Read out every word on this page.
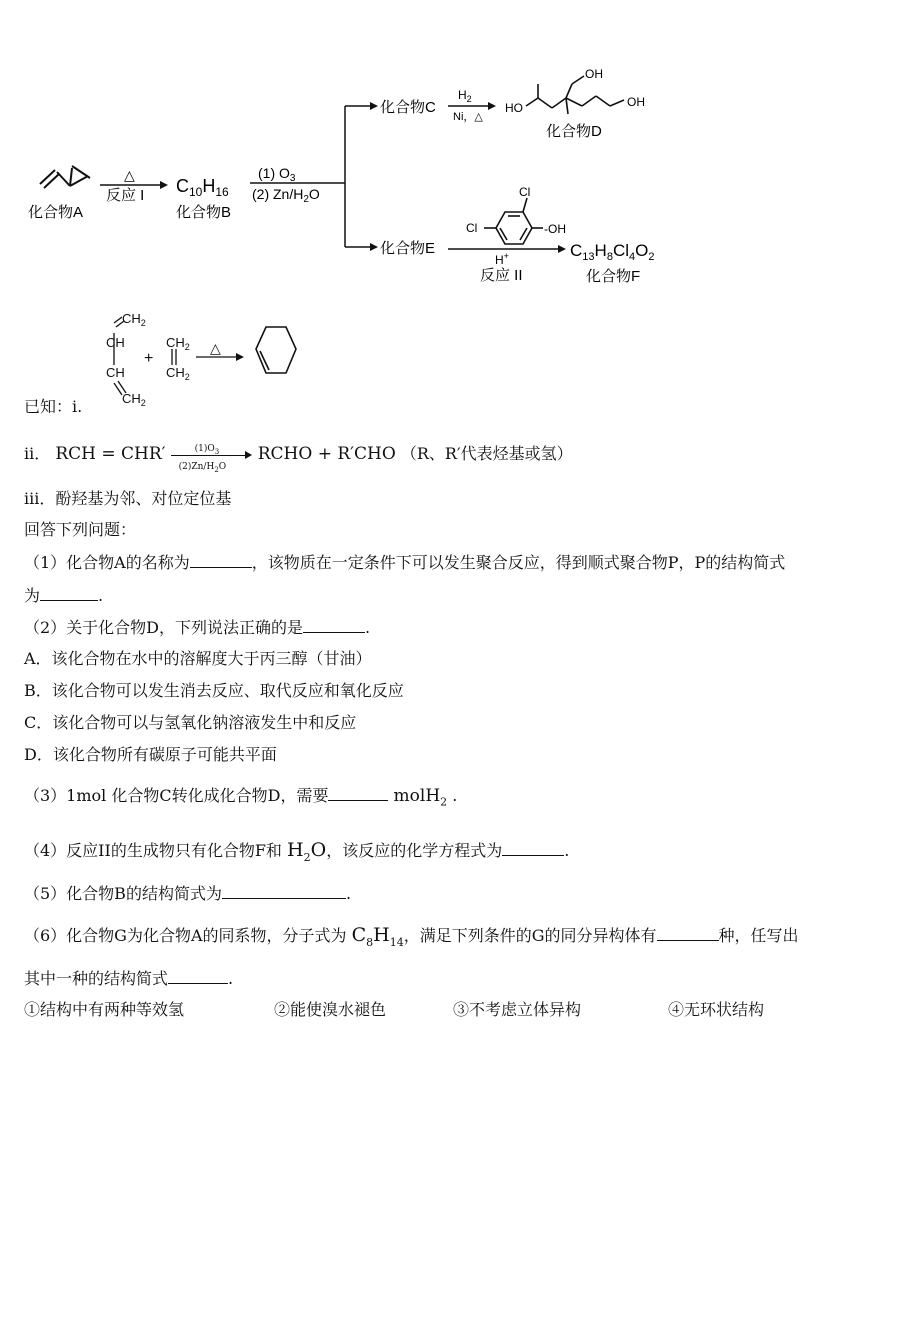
化合物A
△
反应 I $C_{10}H_{16}$
化合物B
(1) $O_3$
(2) $Zn/H_2O$
化合物C
$H_2$
Ni，△
HO
OH
OH
化合物D
化合物E
Cl
Cl	-OH
H+
反应 II
$C_{13}H_8Cl_4O_2$
化合物F
$CH_2$
CH
CH
$CH_2$
+
$CH_2$
$CH_2$
△
已知：i.
ii． RCH = $CHR' \frac{(1)O_3}{(2)Zn/H_2O}$ RCHO + R′CHO （R、R′代表烃基或氢）
iii．酚羟基为邻、对位定位基
回答下列问题：
（1）化合物A的名称为	，该物质在一定条件下可以发生聚合反应，得到顺式聚合物P，P的结构简式
为	.
（2）关于化合物D，下列说法正确的是	.
A．该化合物在水中的溶解度大于丙三醇（甘油）
B．该化合物可以发生消去反应、取代反应和氧化反应
C．该化合物可以与氢氧化钠溶液发生中和反应
D．该化合物所有碳原子可能共平面
（3）1mol 化合物C转化成化合物D，需要	molH$_2$ .
（4）反应II的生成物只有化合物F和 $H_2O$，该反应的化学方程式为	.
（5）化合物B的结构简式为	.
（6）化合物G为化合物A的同系物，分子式为 $C_8H_{14}$，满足下列条件的G的同分异构体有	种，任写出
其中一种的结构简式	.
①结构中有两种等效氢	②能使溴水褪色	③不考虑立体异构	④无环状结构
